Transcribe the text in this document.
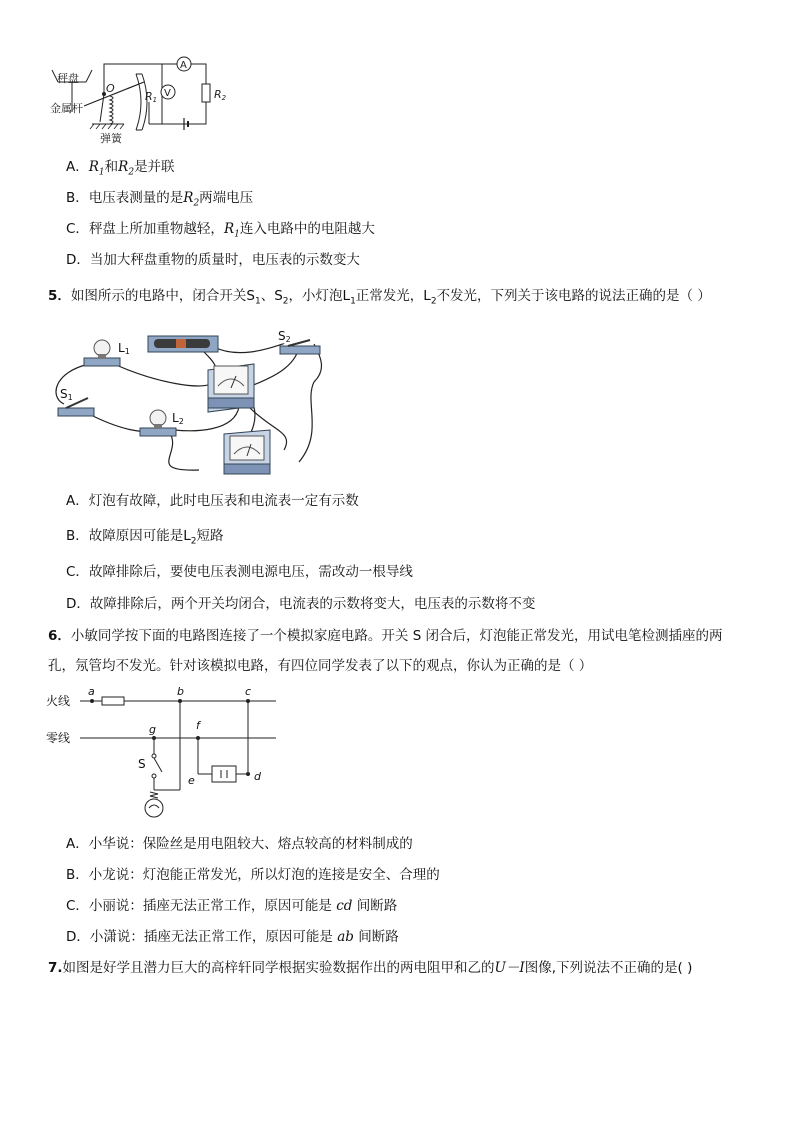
秤盘
金属杆
弹簧
O
A
V
R1	R2
A．$R_1$和$R_2$是并联
B．电压表测量的是$R_2$两端电压
C．秤盘上所加重物越轻，$R_1$连入电路中的电阻越大
D．当加大秤盘重物的质量时，电压表的示数变大
5．如图所示的电路中，闭合开关$S_1$、$S_2$，小灯泡$L_1$正常发光，$L_2$不发光，下列关于该电路的说法正确的是（ ）
L1
L2
S1
S2
A．灯泡有故障，此时电压表和电流表一定有示数
B．故障原因可能是$L_2$短路
C．故障排除后，要使电压表测电源电压，需改动一根导线
D．故障排除后，两个开关均闭合，电流表的示数将变大，电压表的示数将不变
6．小敏同学按下面的电路图连接了一个模拟家庭电路。开关 S 闭合后，灯泡能正常发光，用试电笔检测插座的两
孔，氖管均不发光。针对该模拟电路，有四位同学发表了以下的观点，你认为正确的是（ ）
火线
零线
a	b	c
g	f
e	d
S
A．小华说：保险丝是用电阻较大、熔点较高的材料制成的
B．小龙说：灯泡能正常发光，所以灯泡的连接是安全、合理的
C．小丽说：插座无法正常工作，原因可能是 cd 间断路
D．小潇说：插座无法正常工作，原因可能是 ab 间断路
7.如图是好学且潜力巨大的高梓轩同学根据实验数据作出的两电阻甲和乙的U－I图像,下列说法不正确的是( )
